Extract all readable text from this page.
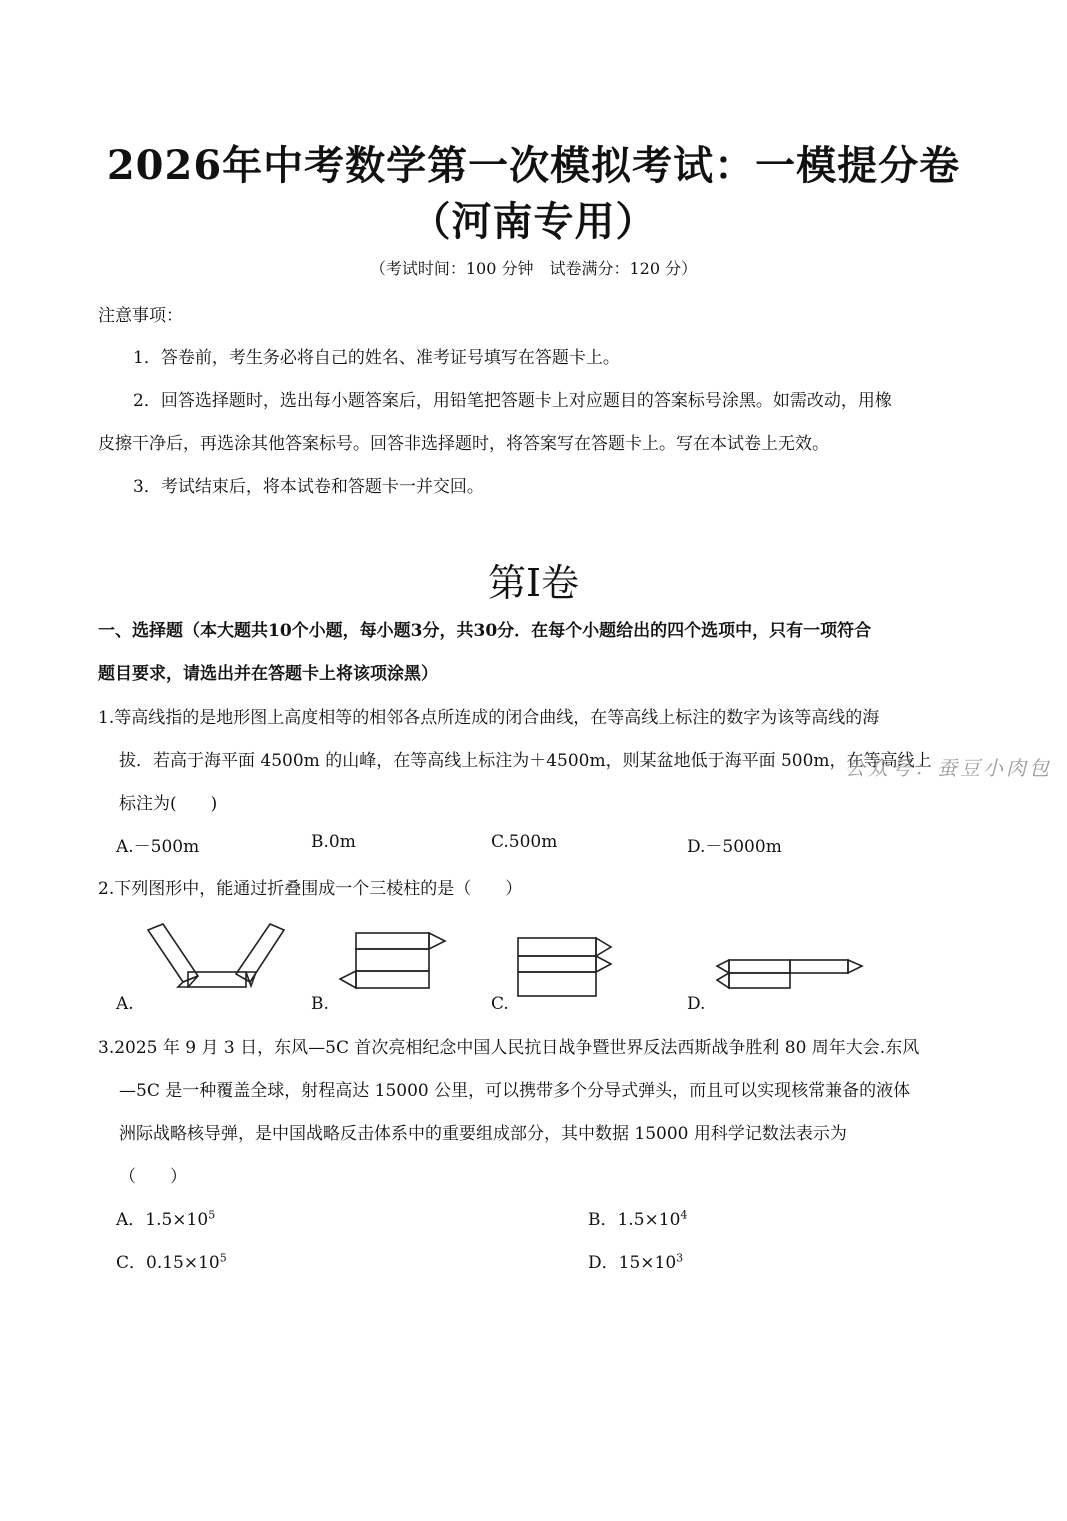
2026年中考数学第一次模拟考试：一模提分卷
（河南专用）
（考试时间：100 分钟　试卷满分：120 分）
注意事项：
1．答卷前，考生务必将自己的姓名、准考证号填写在答题卡上。
2．回答选择题时，选出每小题答案后，用铅笔把答题卡上对应题目的答案标号涂黑。如需改动，用橡
皮擦干净后，再选涂其他答案标号。回答非选择题时，将答案写在答题卡上。写在本试卷上无效。
3．考试结束后，将本试卷和答题卡一并交回。
第I卷
一、选择题（本大题共10个小题，每小题3分，共30分．在每个小题给出的四个选项中，只有一项符合
题目要求，请选出并在答题卡上将该项涂黑）
1.等高线指的是地形图上高度相等的相邻各点所连成的闭合曲线，在等高线上标注的数字为该等高线的海
拔．若高于海平面 4500m 的山峰，在等高线上标注为＋4500m，则某盆地低于海平面 500m，在等高线上
标注为(　　)
A.－500m	B.0m	C.500m	D.－5000m
公众号：蚕豆小肉包
2.下列图形中，能通过折叠围成一个三棱柱的是（　　）
A.	B.	C.	D.
3.2025 年 9 月 3 日，东风—5C 首次亮相纪念中国人民抗日战争暨世界反法西斯战争胜利 80 周年大会.东风
—5C 是一种覆盖全球，射程高达 15000 公里，可以携带多个分导式弹头，而且可以实现核常兼备的液体
洲际战略核导弹，是中国战略反击体系中的重要组成部分，其中数据 15000 用科学记数法表示为
（　　）
A．$1.5\times 10^5$	B．$1.5\times 10^4$
C．$0.15\times 10^5$	D．$15\times 10^3$
